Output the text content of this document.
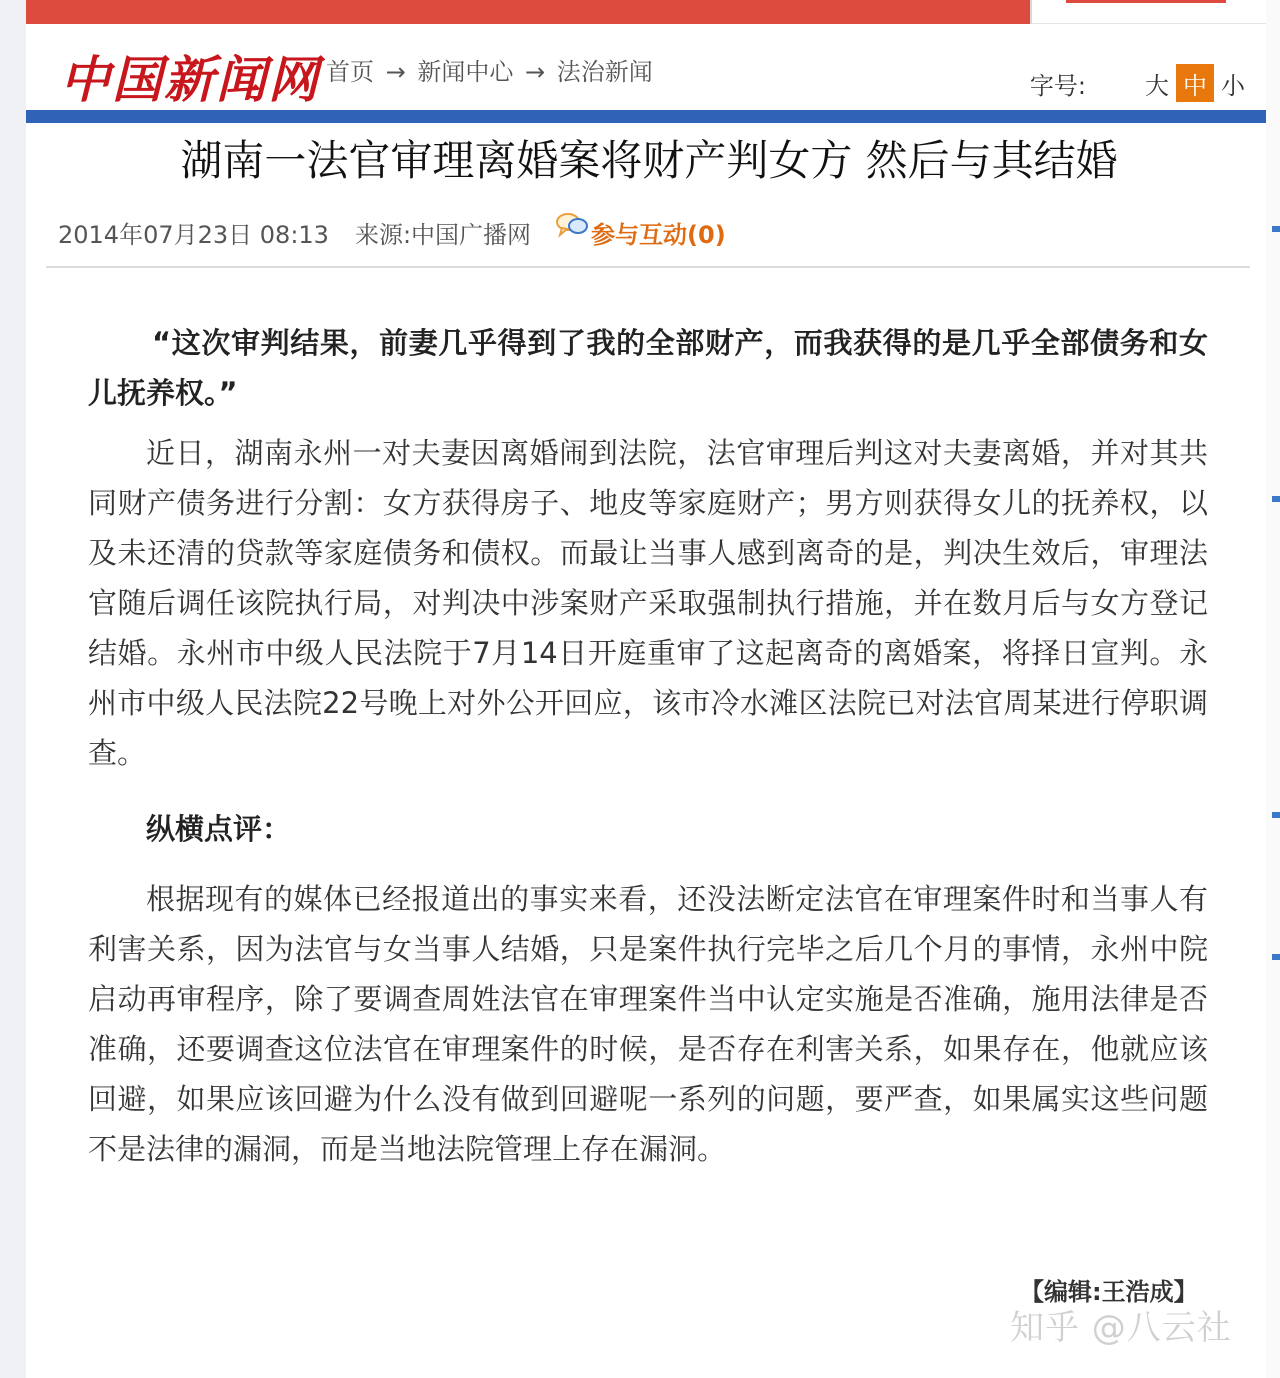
中国新闻网 首页 → 新闻中心 → 法治新闻	字号: 大 中 小
湖南一法官审理离婚案将财产判女方 然后与其结婚
2014年07月23日 08:13 来源: 中国广播网	参与互动(0)

“这次审判结果，前妻几乎得到了我的全部财产，而我获得的是几乎全部债务和女儿抚养权。”

近日，湖南永州一对夫妻因离婚闹到法院，法官审理后判这对夫妻离婚，并对其共同财产债务进行分割：女方获得房子、地皮等家庭财产；男方则获得女儿的抚养权，以及未还清的贷款等家庭债务和债权。而最让当事人感到离奇的是，判决生效后，审理法官随后调任该院执行局，对判决中涉案财产采取强制执行措施，并在数月后与女方登记结婚。永州市中级人民法院于7月14日开庭重审了这起离奇的离婚案，将择日宣判。永州市中级人民法院22号晚上对外公开回应，该市冷水滩区法院已对法官周某进行停职调查。

纵横点评：

根据现有的媒体已经报道出的事实来看，还没法断定法官在审理案件时和当事人有利害关系，因为法官与女当事人结婚，只是案件执行完毕之后几个月的事情，永州中院启动再审程序，除了要调查周姓法官在审理案件当中认定实施是否准确，施用法律是否准确，还要调查这位法官在审理案件的时候，是否存在利害关系，如果存在，他就应该回避，如果应该回避为什么没有做到回避呢一系列的问题，要严查，如果属实这些问题不是法律的漏洞，而是当地法院管理上存在漏洞。

【编辑:王浩成】
知乎 @八云社
